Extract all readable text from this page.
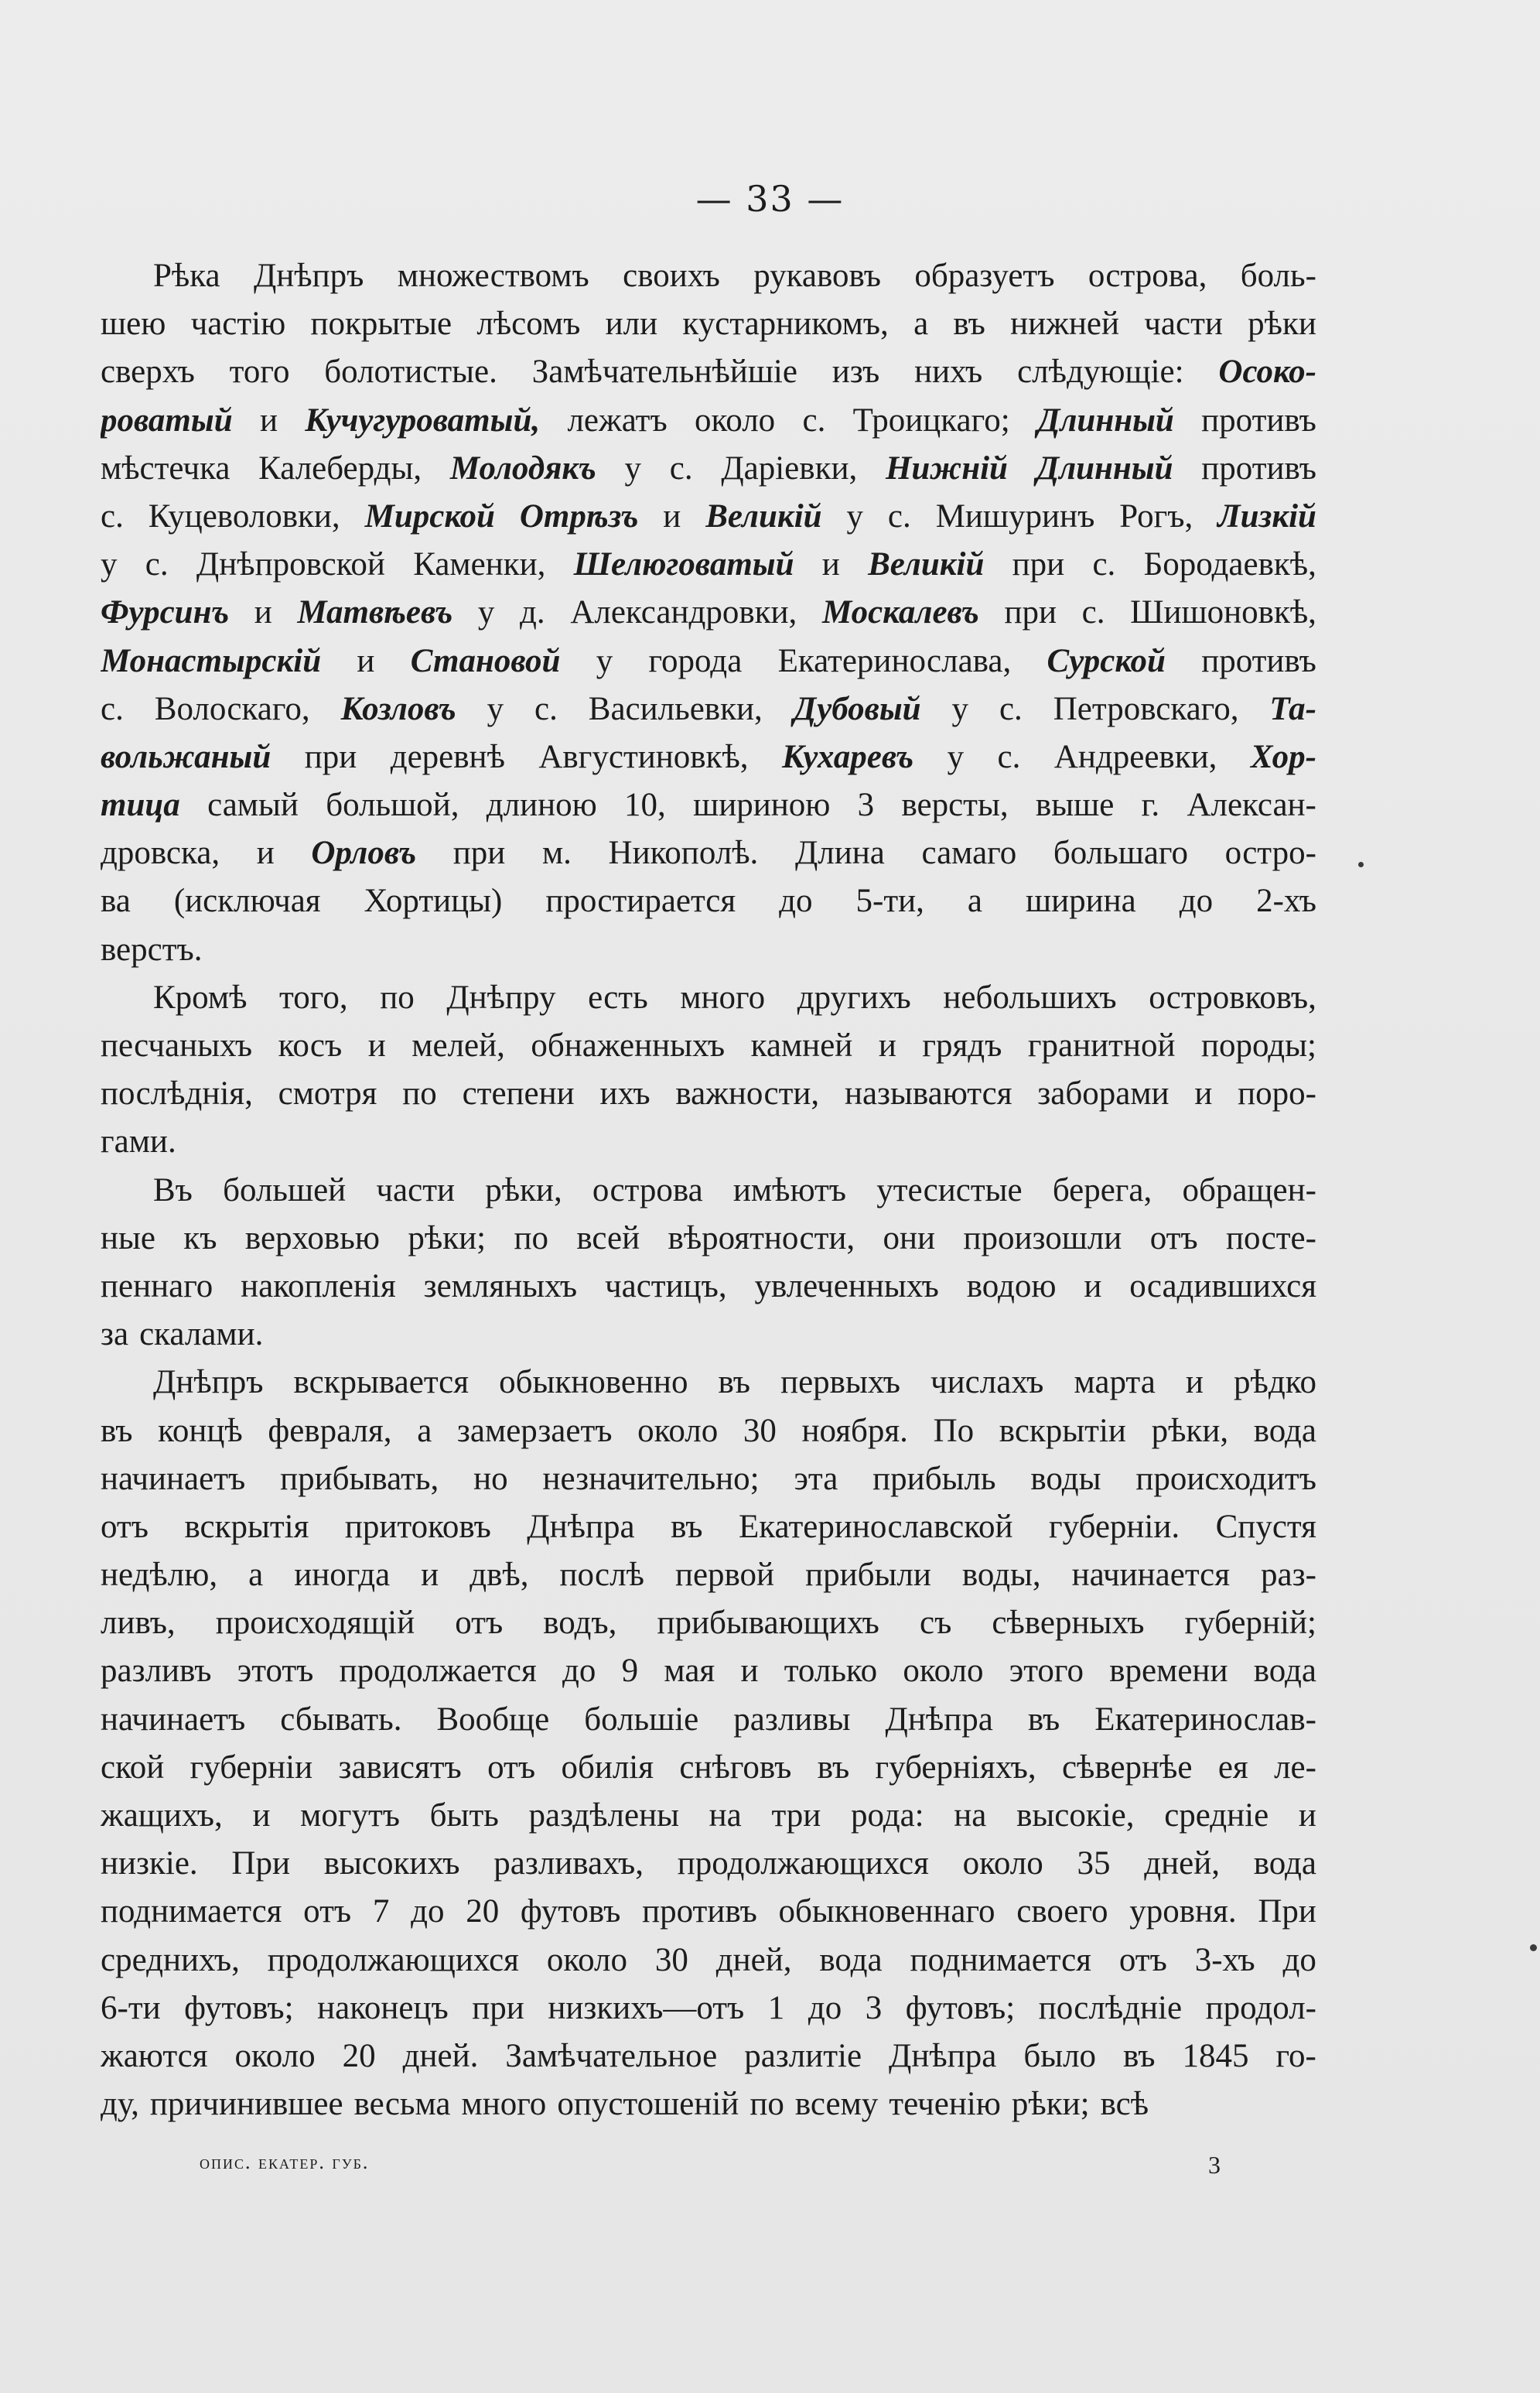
— 33 —
Рѣка Днѣпръ множествомъ своихъ рукавовъ образуетъ острова, боль-
шею частію покрытые лѣсомъ или кустарникомъ, а въ нижней части рѣки
сверхъ того болотистые. Замѣчательнѣйшіе изъ нихъ слѣдующіе: Осоко-
роватый и Кучугуроватый, лежатъ около с. Троицкаго; Длинный противъ
мѣстечка Калеберды, Молодякъ у с. Даріевки, Нижній Длинный противъ
с. Куцеволовки, Мирской Отрѣзъ и Великій у с. Мишуринъ Рогъ, Лизкій
у с. Днѣпровской Каменки, Шелюговатый и Великій при с. Бородаевкѣ,
Фурсинъ и Матвѣевъ у д. Александровки, Москалевъ при с. Шишоновкѣ,
Монастырскій и Становой у города Екатеринослава, Сурской противъ
с. Волоскаго, Козловъ у с. Васильевки, Дубовый у с. Петровскаго, Та-
вольжаный при деревнѣ Августиновкѣ, Кухаревъ у с. Андреевки, Хор-
тица самый большой, длиною 10, шириною 3 версты, выше г. Алексан-
дровска, и Орловъ при м. Никополѣ. Длина самаго большаго остро-
ва (исключая Хортицы) простирается до 5-ти, а ширина до 2-хъ
верстъ.
Кромѣ того, по Днѣпру есть много другихъ небольшихъ островковъ,
песчаныхъ косъ и мелей, обнаженныхъ камней и грядъ гранитной породы;
послѣднія, смотря по степени ихъ важности, называются заборами и поро-
гами.
Въ большей части рѣки, острова имѣютъ утесистые берега, обращен-
ные къ верховью рѣки; по всей вѣроятности, они произошли отъ посте-
пеннаго накопленія земляныхъ частицъ, увлеченныхъ водою и осадившихся
за скалами.
Днѣпръ вскрывается обыкновенно въ первыхъ числахъ марта и рѣдко
въ концѣ февраля, а замерзаетъ около 30 ноября. По вскрытіи рѣки, вода
начинаетъ прибывать, но незначительно; эта прибыль воды происходитъ
отъ вскрытія притоковъ Днѣпра въ Екатеринославской губерніи. Спустя
недѣлю, а иногда и двѣ, послѣ первой прибыли воды, начинается раз-
ливъ, происходящій отъ водъ, прибывающихъ съ сѣверныхъ губерній;
разливъ этотъ продолжается до 9 мая и только около этого времени вода
начинаетъ сбывать. Вообще большіе разливы Днѣпра въ Екатеринослав-
ской губерніи зависятъ отъ обилія снѣговъ въ губерніяхъ, сѣвернѣе ея ле-
жащихъ, и могутъ быть раздѣлены на три рода: на высокіе, средніе и
низкіе. При высокихъ разливахъ, продолжающихся около 35 дней, вода
поднимается отъ 7 до 20 футовъ противъ обыкновеннаго своего уровня. При
среднихъ, продолжающихся около 30 дней, вода поднимается отъ 3-хъ до
6-ти футовъ; наконецъ при низкихъ—отъ 1 до 3 футовъ; послѣдніе продол-
жаются около 20 дней. Замѣчательное разлитіе Днѣпра было въ 1845 го-
ду, причинившее весьма много опустошеній по всему теченію рѣки; всѣ
опис. екатер. губ.	3
